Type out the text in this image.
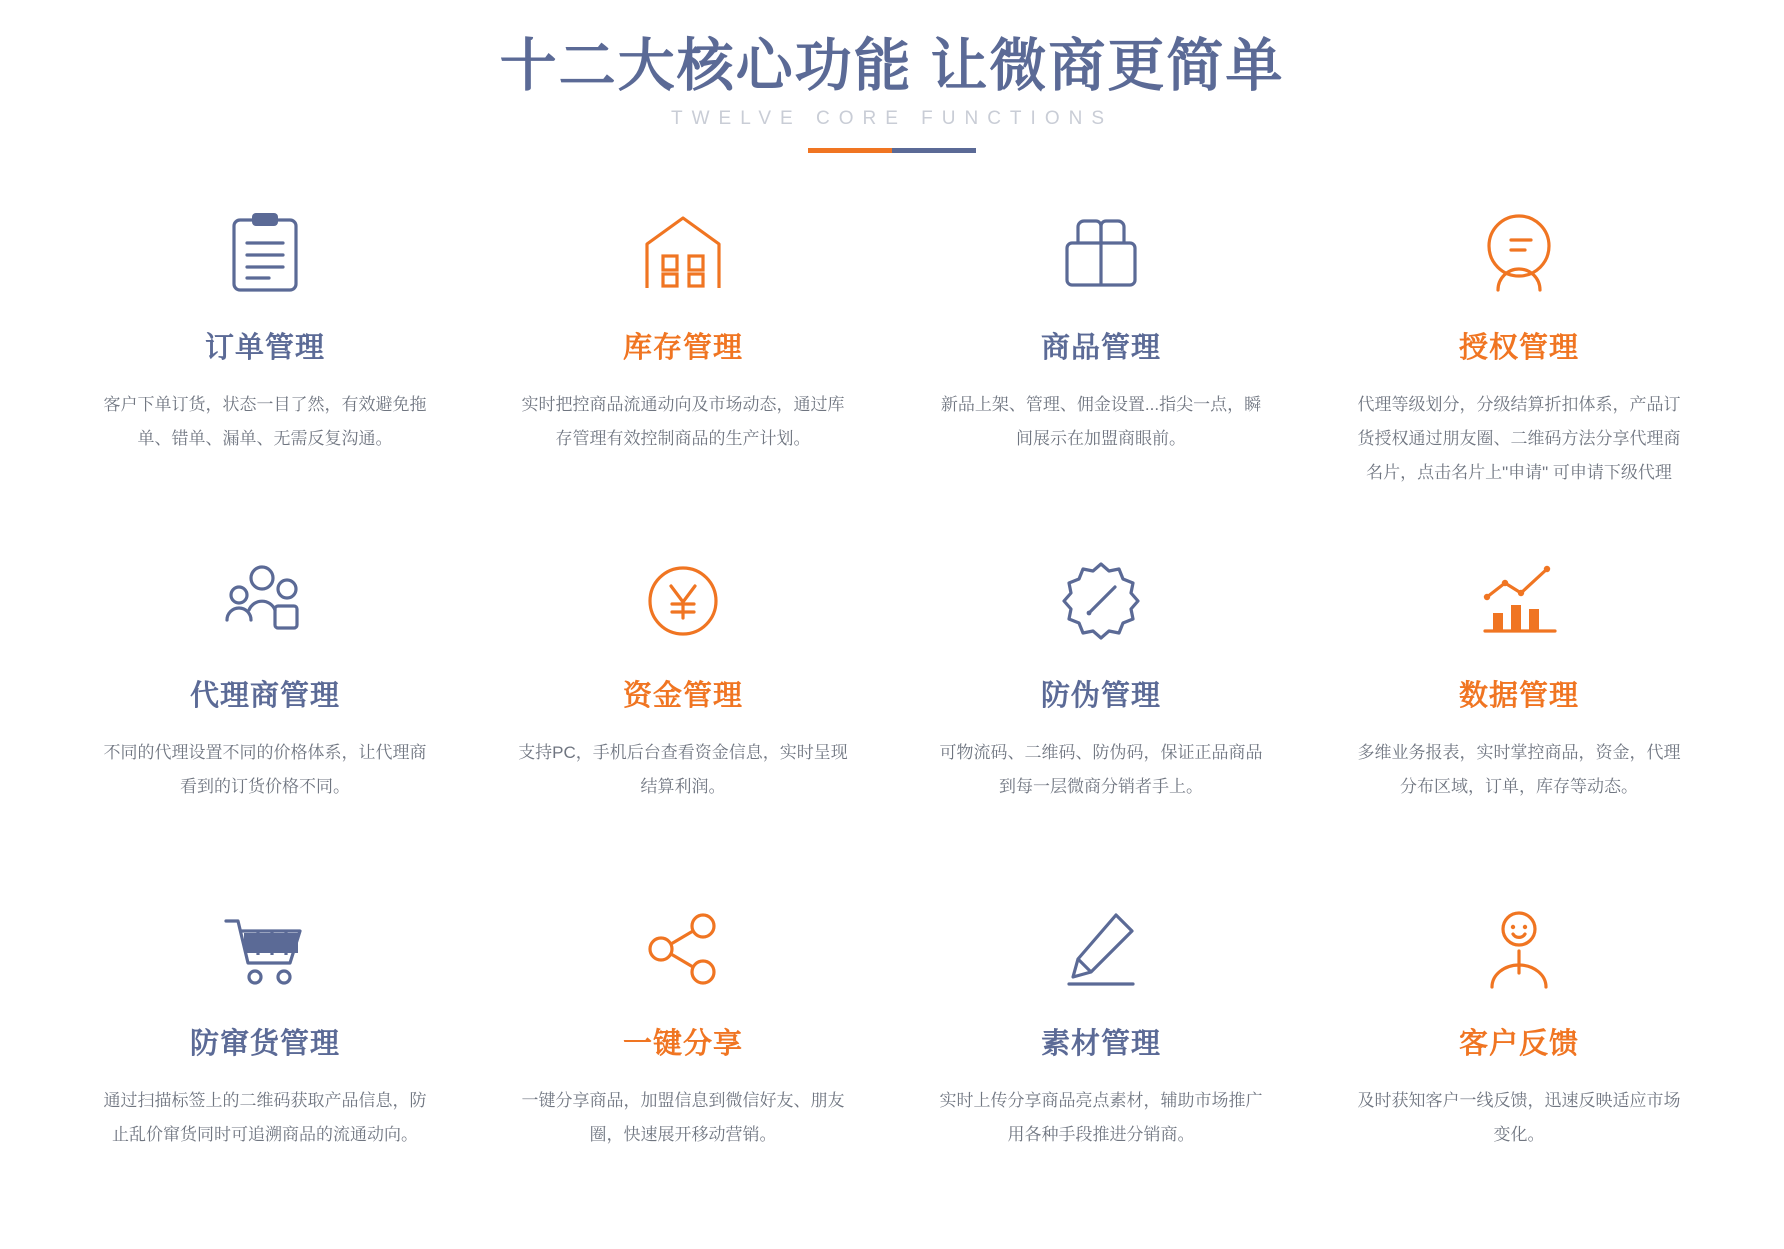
十二大核心功能 让微商更简单
TWELVE CORE FUNCTIONS
订单管理
客户下单订货，状态一目了然，有效避免拖单、错单、漏单、无需反复沟通。
库存管理
实时把控商品流通动向及市场动态，通过库存管理有效控制商品的生产计划。
商品管理
新品上架、管理、佣金设置...指尖一点，瞬间展示在加盟商眼前。
授权管理
代理等级划分，分级结算折扣体系，产品订货授权通过朋友圈、二维码方法分享代理商名片，点击名片上"申请" 可申请下级代理
代理商管理
不同的代理设置不同的价格体系，让代理商看到的订货价格不同。
资金管理
支持PC，手机后台查看资金信息，实时呈现结算利润。
防伪管理
可物流码、二维码、防伪码，保证正品商品到每一层微商分销者手上。
数据管理
多维业务报表，实时掌控商品，资金，代理分布区域，订单，库存等动态。
防窜货管理
通过扫描标签上的二维码获取产品信息，防止乱价窜货同时可追溯商品的流通动向。
一键分享
一键分享商品，加盟信息到微信好友、朋友圈，快速展开移动营销。
素材管理
实时上传分享商品亮点素材，辅助市场推广用各种手段推进分销商。
客户反馈
及时获知客户一线反馈，迅速反映适应市场变化。
